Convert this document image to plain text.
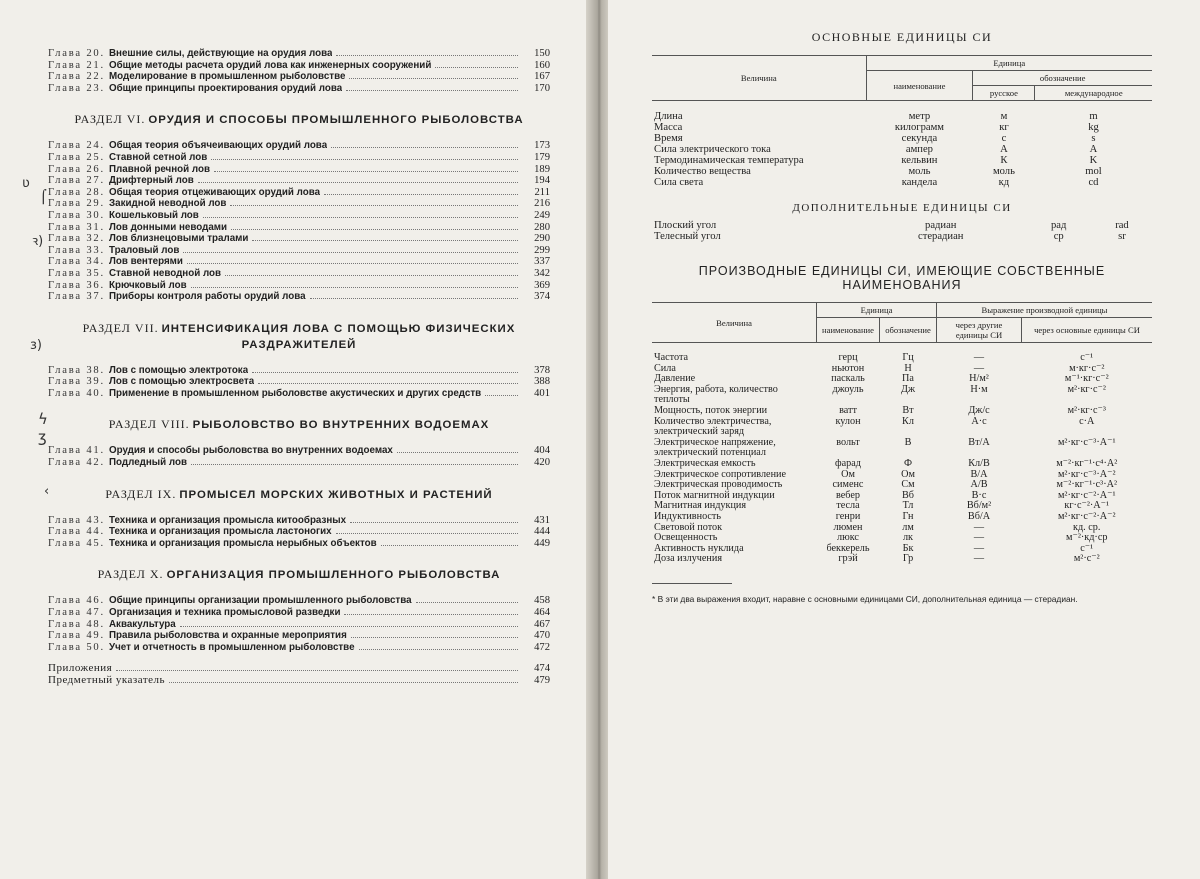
Глава 20. Внешние силы, действующие на орудия лова	150
Глава 21. Общие методы расчета орудий лова как инженерных сооружений	160
Глава 22. Моделирование в промышленном рыболовстве	167
Глава 23. Общие принципы проектирования орудий лова	170
РАЗДЕЛ VI. ОРУДИЯ И СПОСОБЫ ПРОМЫШЛЕННОГО РЫБОЛОВСТВА
Глава 24. Общая теория объячеивающих орудий лова	173
Глава 25. Ставной сетной лов	179
Глава 26. Плавной речной лов	189
Глава 27. Дрифтерный лов	194
Глава 28. Общая теория отцеживающих орудий лова	211
Глава 29. Закидной неводной лов	216
Глава 30. Кошельковый лов	249
Глава 31. Лов донными неводами	280
Глава 32. Лов близнецовыми тралами	290
Глава 33. Траловый лов	299
Глава 34. Лов вентерями	337
Глава 35. Ставной неводной лов	342
Глава 36. Крючковый лов	369
Глава 37. Приборы контроля работы орудий лова	374
РАЗДЕЛ VII. ИНТЕНСИФИКАЦИЯ ЛОВА С ПОМОЩЬЮ ФИЗИЧЕСКИХ РАЗДРАЖИТЕЛЕЙ
Глава 38. Лов с помощью электротока	378
Глава 39. Лов с помощью электросвета	388
Глава 40. Применение в промышленном рыболовстве акустических и других средств	401
РАЗДЕЛ VIII. РЫБОЛОВСТВО ВО ВНУТРЕННИХ ВОДОЕМАХ
Глава 41. Орудия и способы рыболовства во внутренних водоемах	404
Глава 42. Подледный лов	420
РАЗДЕЛ IX. ПРОМЫСЕЛ МОРСКИХ ЖИВОТНЫХ И РАСТЕНИЙ
Глава 43. Техника и организация промысла китообразных	431
Глава 44. Техника и организация промысла ластоногих	444
Глава 45. Техника и организация промысла нерыбных объектов	449
РАЗДЕЛ X. ОРГАНИЗАЦИЯ ПРОМЫШЛЕННОГО РЫБОЛОВСТВА
Глава 46. Общие принципы организации промышленного рыболовства	458
Глава 47. Организация и техника промысловой разведки	464
Глава 48. Аквакультура	467
Глава 49. Правила рыболовства и охранные мероприятия	470
Глава 50. Учет и отчетность в промышленном рыболовстве	472
Приложения	474
Предметный указатель	479
ʋ
⌠
ꝛ)
ɜ)
ϟ
ӡ
‹
ОСНОВНЫЕ ЕДИНИЦЫ СИ
Величина	Единица		
	наименование	обозначение	
		русское	международное

Длина	метр	м	m
Масса	килограмм	кг	kg
Время	секунда	с	s
Сила электрического тока	ампер	А	A
Термодинамическая температура	кельвин	К	K
Количество вещества	моль	моль	mol
Сила света	кандела	кд	cd
ДОПОЛНИТЕЛЬНЫЕ ЕДИНИЦЫ СИ
Плоский угол	радиан	рад	rad
Телесный угол	стерадиан	ср	sr
ПРОИЗВОДНЫЕ ЕДИНИЦЫ СИ, ИМЕЮЩИЕ СОБСТВЕННЫЕ НАИМЕНОВАНИЯ
Величина	Единица		Выражение производной единицы	
	наименование	обозначение	через другие единицы СИ	через основные единицы СИ

Частота	герц	Гц	—	с⁻¹
Сила	ньютон	Н	—	м·кг·с⁻²
Давление	паскаль	Па	Н/м²	м⁻¹·кг·с⁻²
Энергия, работа, количество теплоты	джоуль	Дж	Н·м	м²·кг·с⁻²
Мощность, поток энергии	ватт	Вт	Дж/с	м²·кг·с⁻³
Количество электричества, электрический заряд	кулон	Кл	А·с	с·А
Электрическое напряжение, электрический потенциал	вольт	В	Вт/А	м²·кг·с⁻³·А⁻¹
Электрическая емкость	фарад	Ф	Кл/В	м⁻²·кг⁻¹·с⁴·А²
Электрическое сопротивление	Ом	Ом	В/А	м²·кг·с⁻³·А⁻²
Электрическая проводимость	сименс	См	А/В	м⁻²·кг⁻¹·с³·А²
Поток магнитной индукции	вебер	Вб	В·с	м²·кг·с⁻²·А⁻¹
Магнитная индукция	тесла	Тл	Вб/м²	кг·с⁻²·А⁻¹
Индуктивность	генри	Гн	Вб/А	м²·кг·с⁻²·А⁻²
Световой поток	люмен	лм	—	кд. ср.
Освещенность	люкс	лк	—	м⁻²·кд·ср
Активность нуклида	беккерель	Бк	—	с⁻¹
Доза излучения	грэй	Гр	—	м²·с⁻²
* В эти два выражения входит, наравне с основными единицами СИ, дополнительная единица — стерадиан.
